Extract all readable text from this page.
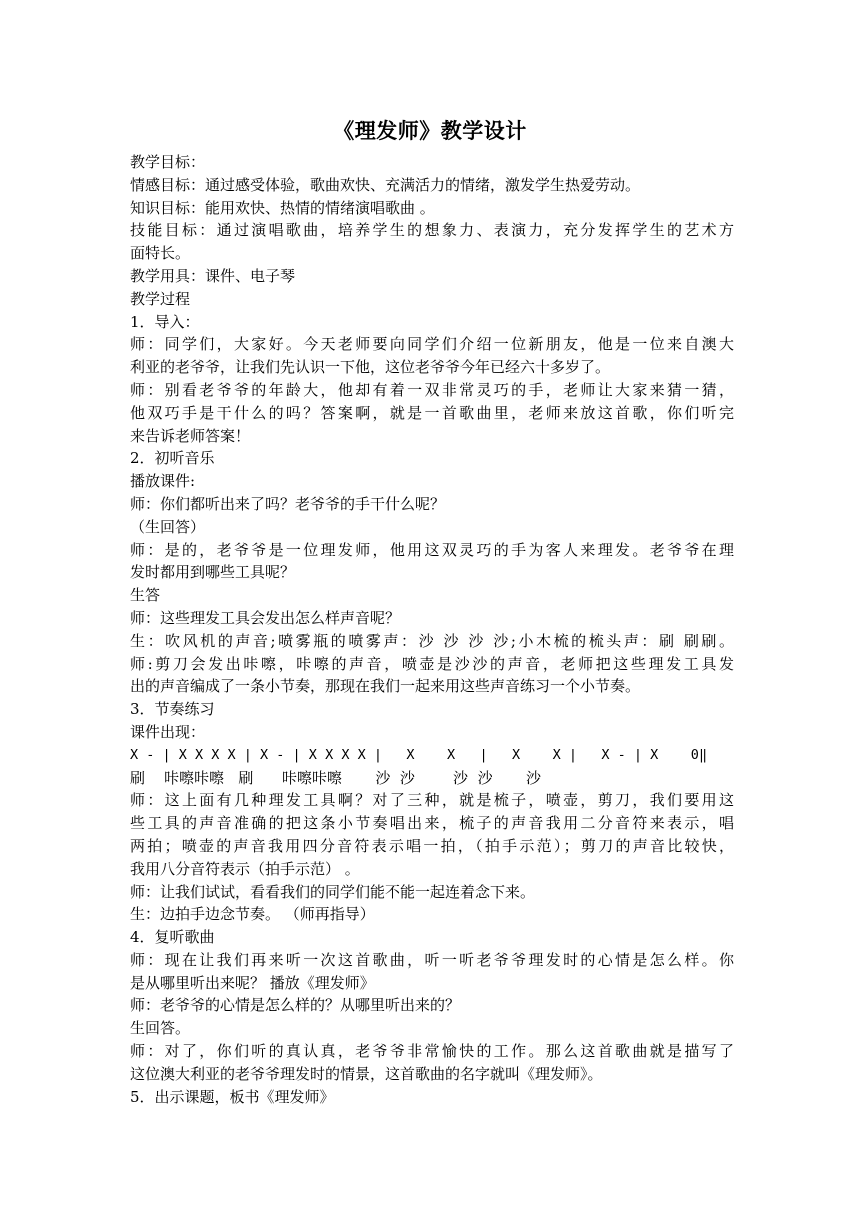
《理发师》教学设计
教学目标：
情感目标：通过感受体验，歌曲欢快、充满活力的情绪，激发学生热爱劳动。
知识目标：能用欢快、热情的情绪演唱歌曲 。
技能目标：通过演唱歌曲，培养学生的想象力、表演力，充分发挥学生的艺术方
面特长。
教学用具：课件、电子琴
教学过程
1．导入：
师：同学们，大家好。今天老师要向同学们介绍一位新朋友，他是一位来自澳大
利亚的老爷爷，让我们先认识一下他，这位老爷爷今年已经六十多岁了。
师：别看老爷爷的年龄大，他却有着一双非常灵巧的手，老师让大家来猜一猜，
他双巧手是干什么的吗？答案啊，就是一首歌曲里，老师来放这首歌，你们听完
来告诉老师答案！
2．初听音乐
播放课件:
师：你们都听出来了吗？老爷爷的手干什么呢？
（生回答）
师：是的，老爷爷是一位理发师，他用这双灵巧的手为客人来理发。老爷爷在理
发时都用到哪些工具呢？
生答
师：这些理发工具会发出怎么样声音呢？
生：吹风机的声音;喷雾瓶的喷雾声：沙 沙 沙 沙;小木梳的梳头声：刷 刷刷。
师:剪刀会发出咔嚓，咔嚓的声音，喷壶是沙沙的声音，老师把这些理发工具发
出的声音编成了一条小节奏，那现在我们一起来用这些声音练习一个小节奏。
3．节奏练习
课件出现：
X - | X X X X | X - | X X X X |   X    X   |   X    X |   X - | X    0‖
刷    咔嚓咔嚓   刷      咔嚓咔嚓       沙  沙        沙  沙       沙
师：这上面有几种理发工具啊？对了三种，就是梳子，喷壶，剪刀，我们要用这
些工具的声音准确的把这条小节奏唱出来，梳子的声音我用二分音符来表示，唱
两拍；喷壶的声音我用四分音符表示唱一拍，（拍手示范）；剪刀的声音比较快，
我用八分音符表示（拍手示范） 。
师：让我们试试，看看我们的同学们能不能一起连着念下来。
生：边拍手边念节奏。 （师再指导）
4．复听歌曲
师：现在让我们再来听一次这首歌曲，听一听老爷爷理发时的心情是怎么样。你
是从哪里听出来呢？ 播放《理发师》
师：老爷爷的心情是怎么样的？从哪里听出来的？
生回答。
师：对了，你们听的真认真，老爷爷非常愉快的工作。那么这首歌曲就是描写了
这位澳大利亚的老爷爷理发时的情景，这首歌曲的名字就叫《理发师》。
5．出示课题，板书《理发师》
